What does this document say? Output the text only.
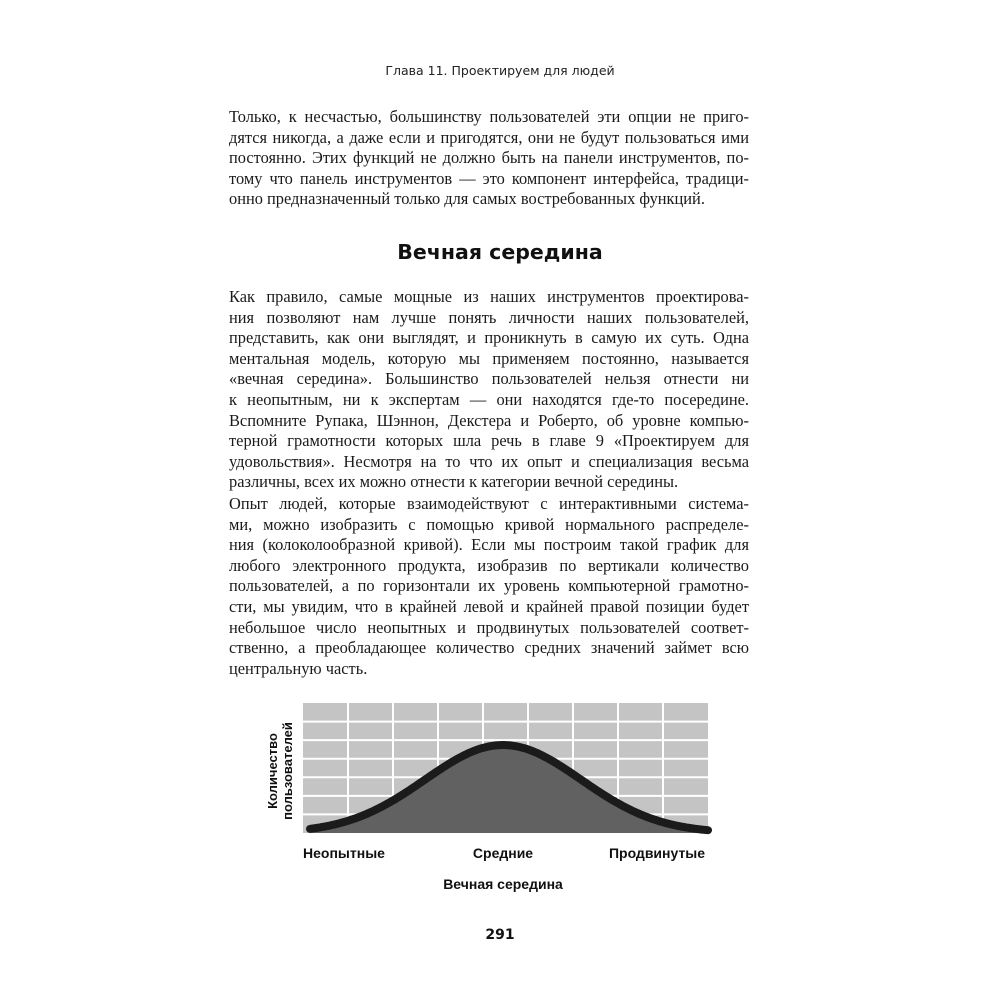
Глава 11. Проектируем для людей
Только, к несчастью, большинству пользователей эти опции не приго-
дятся никогда, а даже если и пригодятся, они не будут пользоваться ими
постоянно. Этих функций не должно быть на панели инструментов, по-
тому что панель инструментов — это компонент интерфейса, традици-
онно предназначенный только для самых востребованных функций.
Вечная середина
Как правило, самые мощные из наших инструментов проектирова-
ния позволяют нам лучше понять личности наших пользователей,
представить, как они выглядят, и проникнуть в самую их суть. Одна
ментальная модель, которую мы применяем постоянно, называется
«вечная середина». Большинство пользователей нельзя отнести ни
к неопытным, ни к экспертам — они находятся где-то посередине.
Вспомните Рупака, Шэннон, Декстера и Роберто, об уровне компью-
терной грамотности которых шла речь в главе 9 «Проектируем для
удовольствия». Несмотря на то что их опыт и специализация весьма
различны, всех их можно отнести к категории вечной середины.
Опыт людей, которые взаимодействуют с интерактивными система-
ми, можно изобразить с помощью кривой нормального распределе-
ния (колоколообразной кривой). Если мы построим такой график для
любого электронного продукта, изобразив по вертикали количество
пользователей, а по горизонтали их уровень компьютерной грамотно-
сти, мы увидим, что в крайней левой и крайней правой позиции будет
небольшое число неопытных и продвинутых пользователей соответ-
ственно, а преобладающее количество средних значений займет всю
центральную часть.
Количество пользователей
Неопытные	Средние	Продвинутые
Вечная середина
291
